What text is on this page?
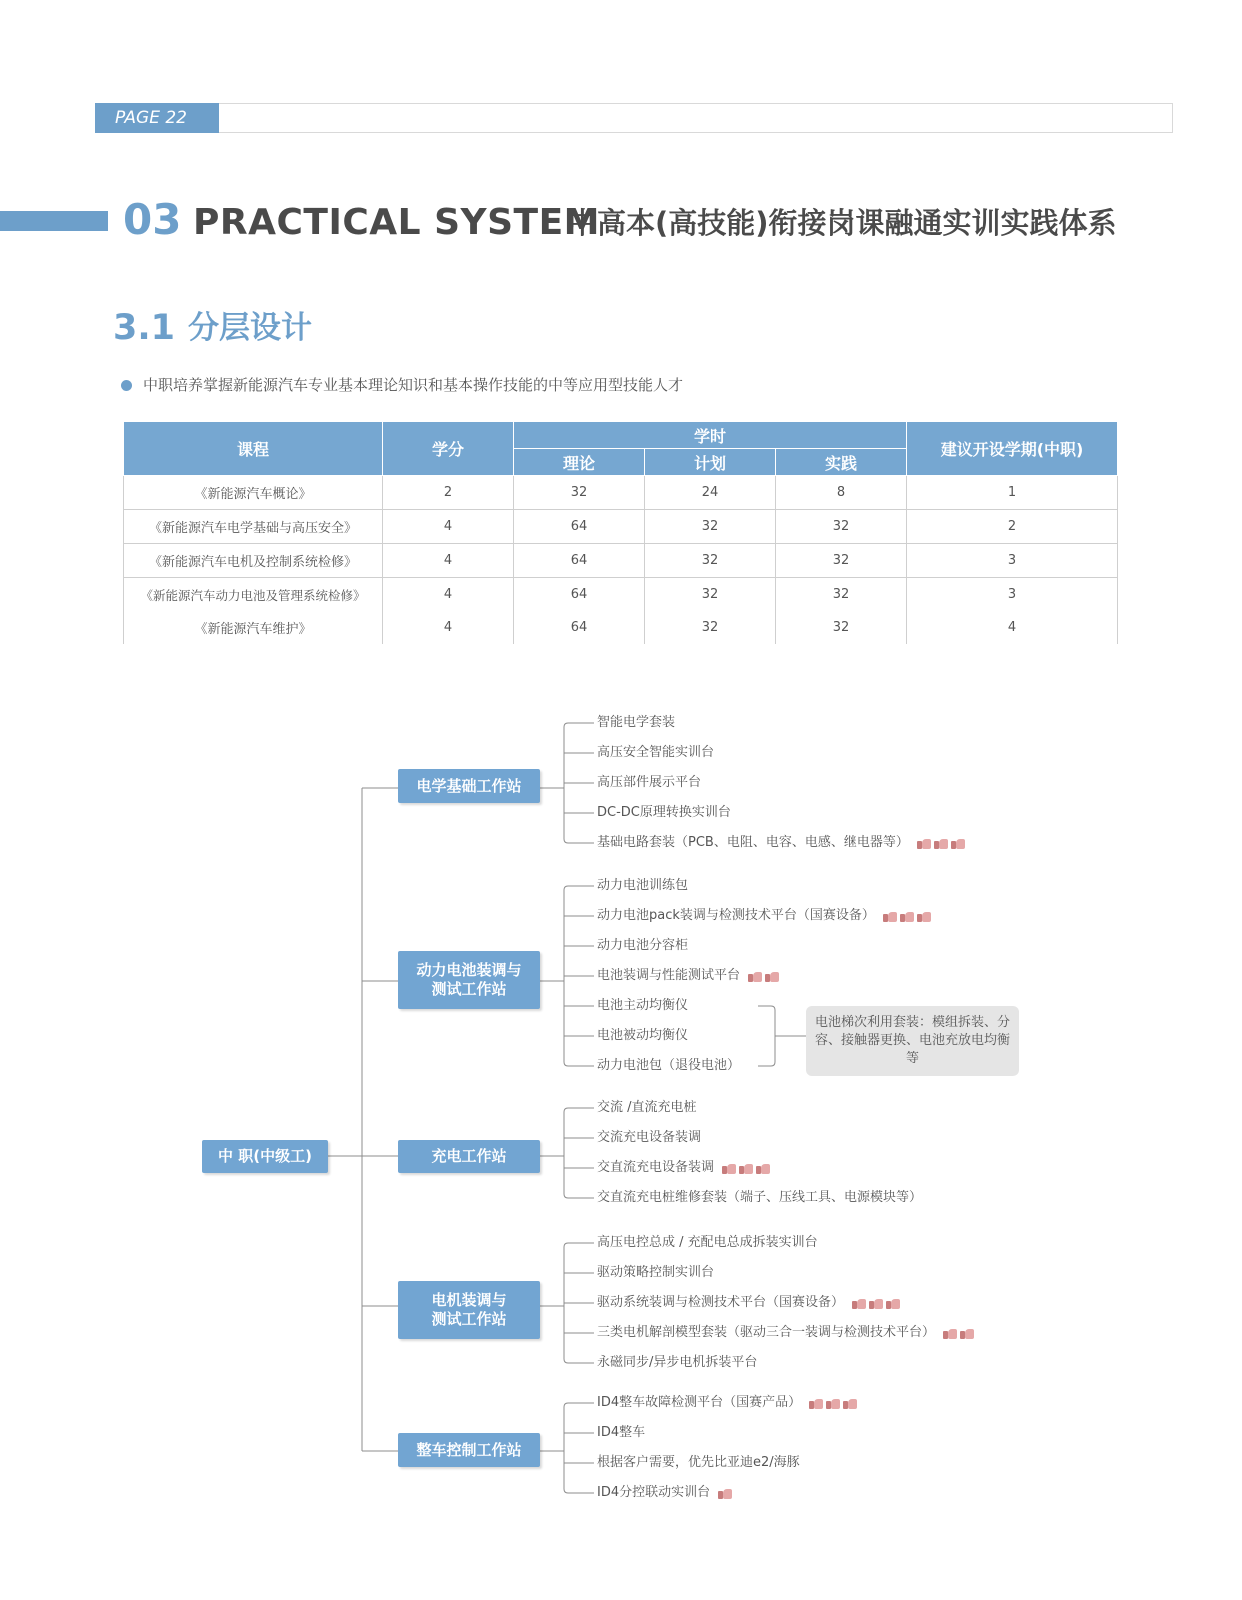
PAGE 22
03 PRACTICAL SYSTEM
中高本(高技能)衔接岗课融通实训实践体系
3.1 分层设计
中职培养掌握新能源汽车专业基本理论知识和基本操作技能的中等应用型技能人才
课程	学分	学时			建议开设学期(中职)
		理论	计划	实践	
《新能源汽车概论》	2	32	24	8	1
《新能源汽车电学基础与高压安全》	4	64	32	32	2
《新能源汽车电机及控制系统检修》	4	64	32	32	3
《新能源汽车动力电池及管理系统检修》	4	64	32	32	3
《新能源汽车维护》	4	64	32	32	4
中 职(中级工)
电学基础工作站
动力电池装调与测试工作站
充电工作站
电机装调与测试工作站
整车控制工作站
智能电学套装
高压安全智能实训台
高压部件展示平台
DC-DC原理转换实训台
基础电路套装（PCB、电阻、电容、电感、继电器等）
动力电池训练包
动力电池pack装调与检测技术平台（国赛设备）
动力电池分容柜
电池装调与性能测试平台
电池主动均衡仪
电池被动均衡仪
动力电池包（退役电池）
电池梯次利用套装：模组拆装、分容、接触器更换、电池充放电均衡等
交流 /直流充电桩
交流充电设备装调
交直流充电设备装调
交直流充电桩维修套装（端子、压线工具、电源模块等）
高压电控总成 / 充配电总成拆装实训台
驱动策略控制实训台
驱动系统装调与检测技术平台（国赛设备）
三类电机解剖模型套装（驱动三合一装调与检测技术平台）
永磁同步/异步电机拆装平台
ID4整车故障检测平台（国赛产品）
ID4整车
根据客户需要，优先比亚迪e2/海豚
ID4分控联动实训台
